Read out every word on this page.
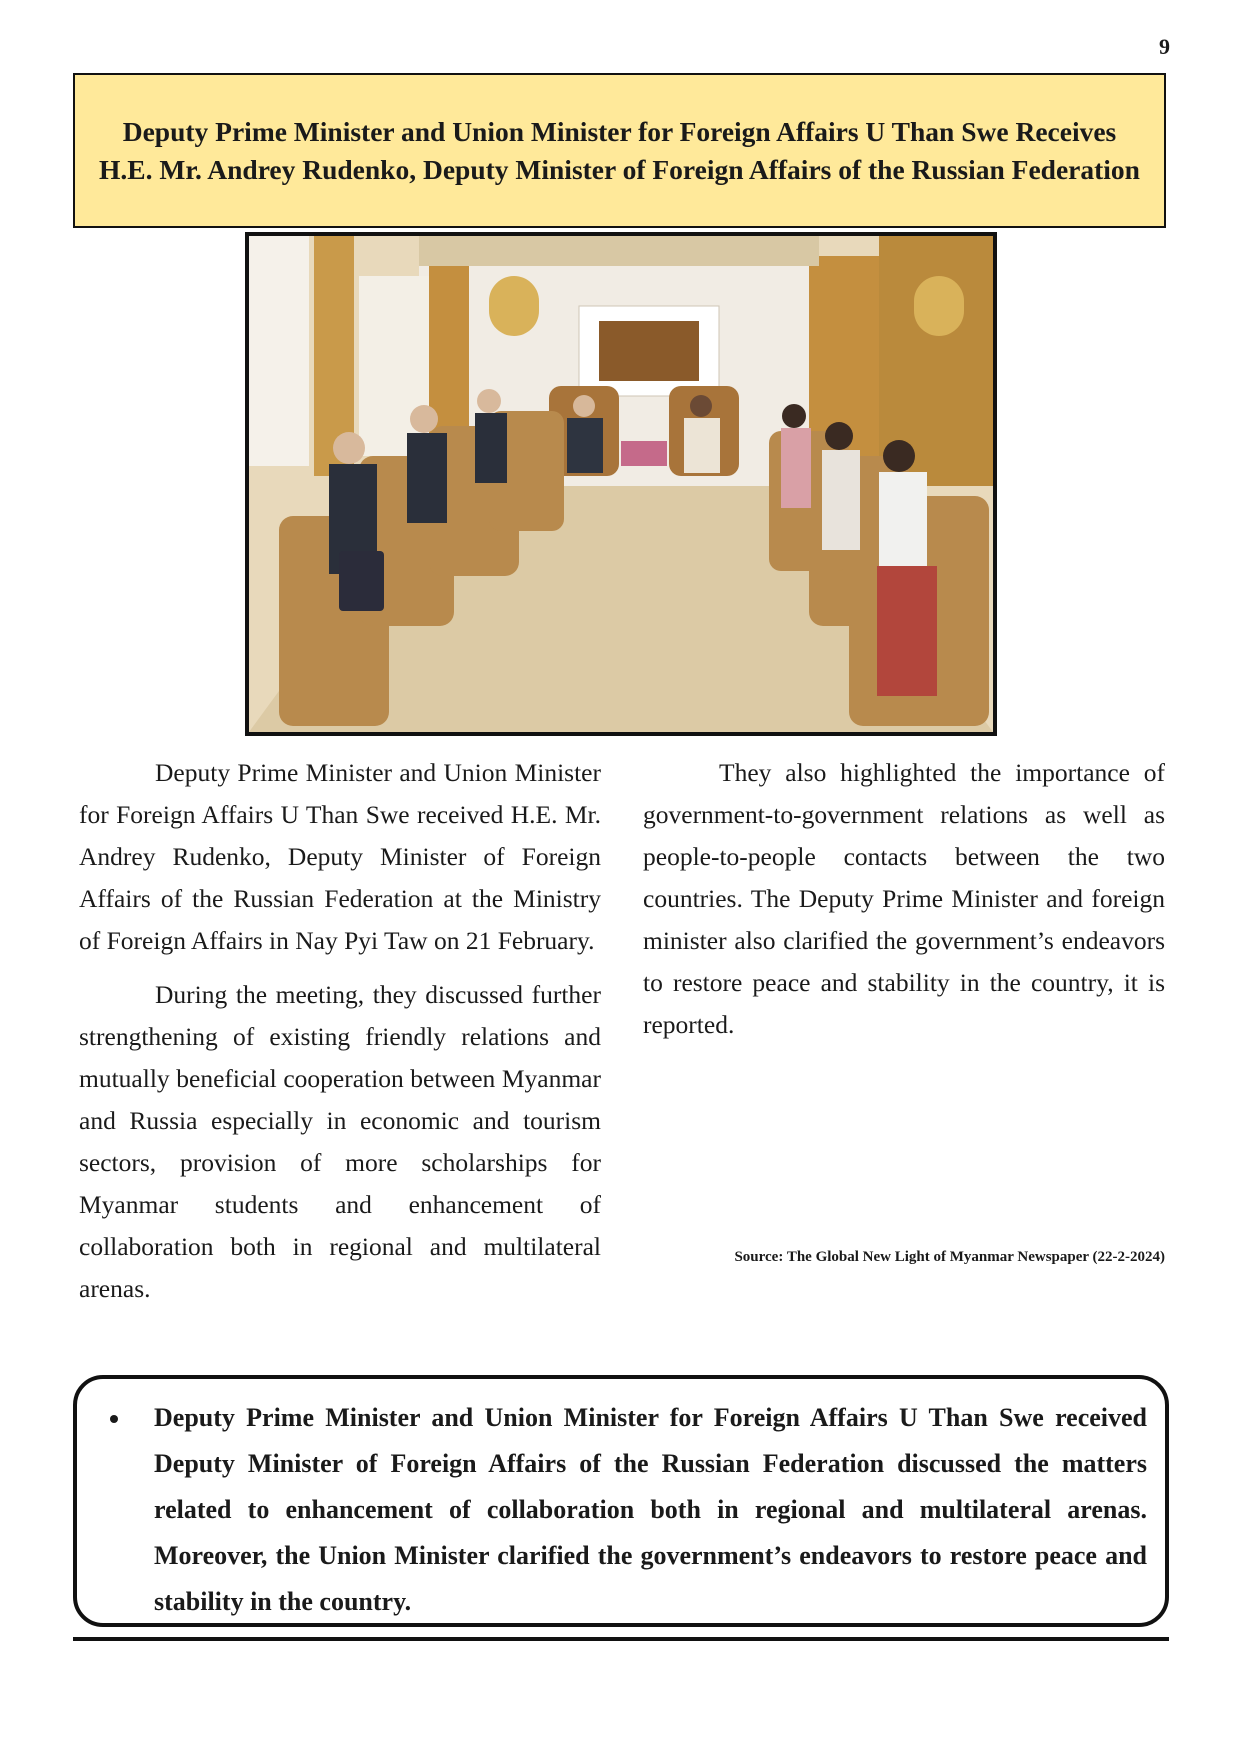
9
Deputy Prime Minister and Union Minister for Foreign Affairs U Than Swe Receives H.E. Mr. Andrey Rudenko, Deputy Minister of Foreign Affairs of the Russian Federation

Deputy Prime Minister and Union Minister for Foreign Affairs U Than Swe received H.E. Mr. Andrey Rudenko, Deputy Minister of Foreign Affairs of the Russian Federation at the Ministry of Foreign Affairs in Nay Pyi Taw on 21 February.

During the meeting, they discussed further strengthening of existing friendly relations and mutually beneficial cooperation between Myanmar and Russia especially in economic and tourism sectors, provision of more scholarships for Myanmar students and enhancement of collaboration both in regional and multilateral arenas.

They also highlighted the importance of government-to-government relations as well as people-to-people contacts between the two countries. The Deputy Prime Minister and foreign minister also clarified the government’s endeavors to restore peace and stability in the country, it is reported.

Source: The Global New Light of Myanmar Newspaper (22-2-2024)
• Deputy Prime Minister and Union Minister for Foreign Affairs U Than Swe received Deputy Minister of Foreign Affairs of the Russian Federation discussed the matters related to enhancement of collaboration both in regional and multilateral arenas. Moreover, the Union Minister clarified the government’s endeavors to restore peace and stability in the country.
